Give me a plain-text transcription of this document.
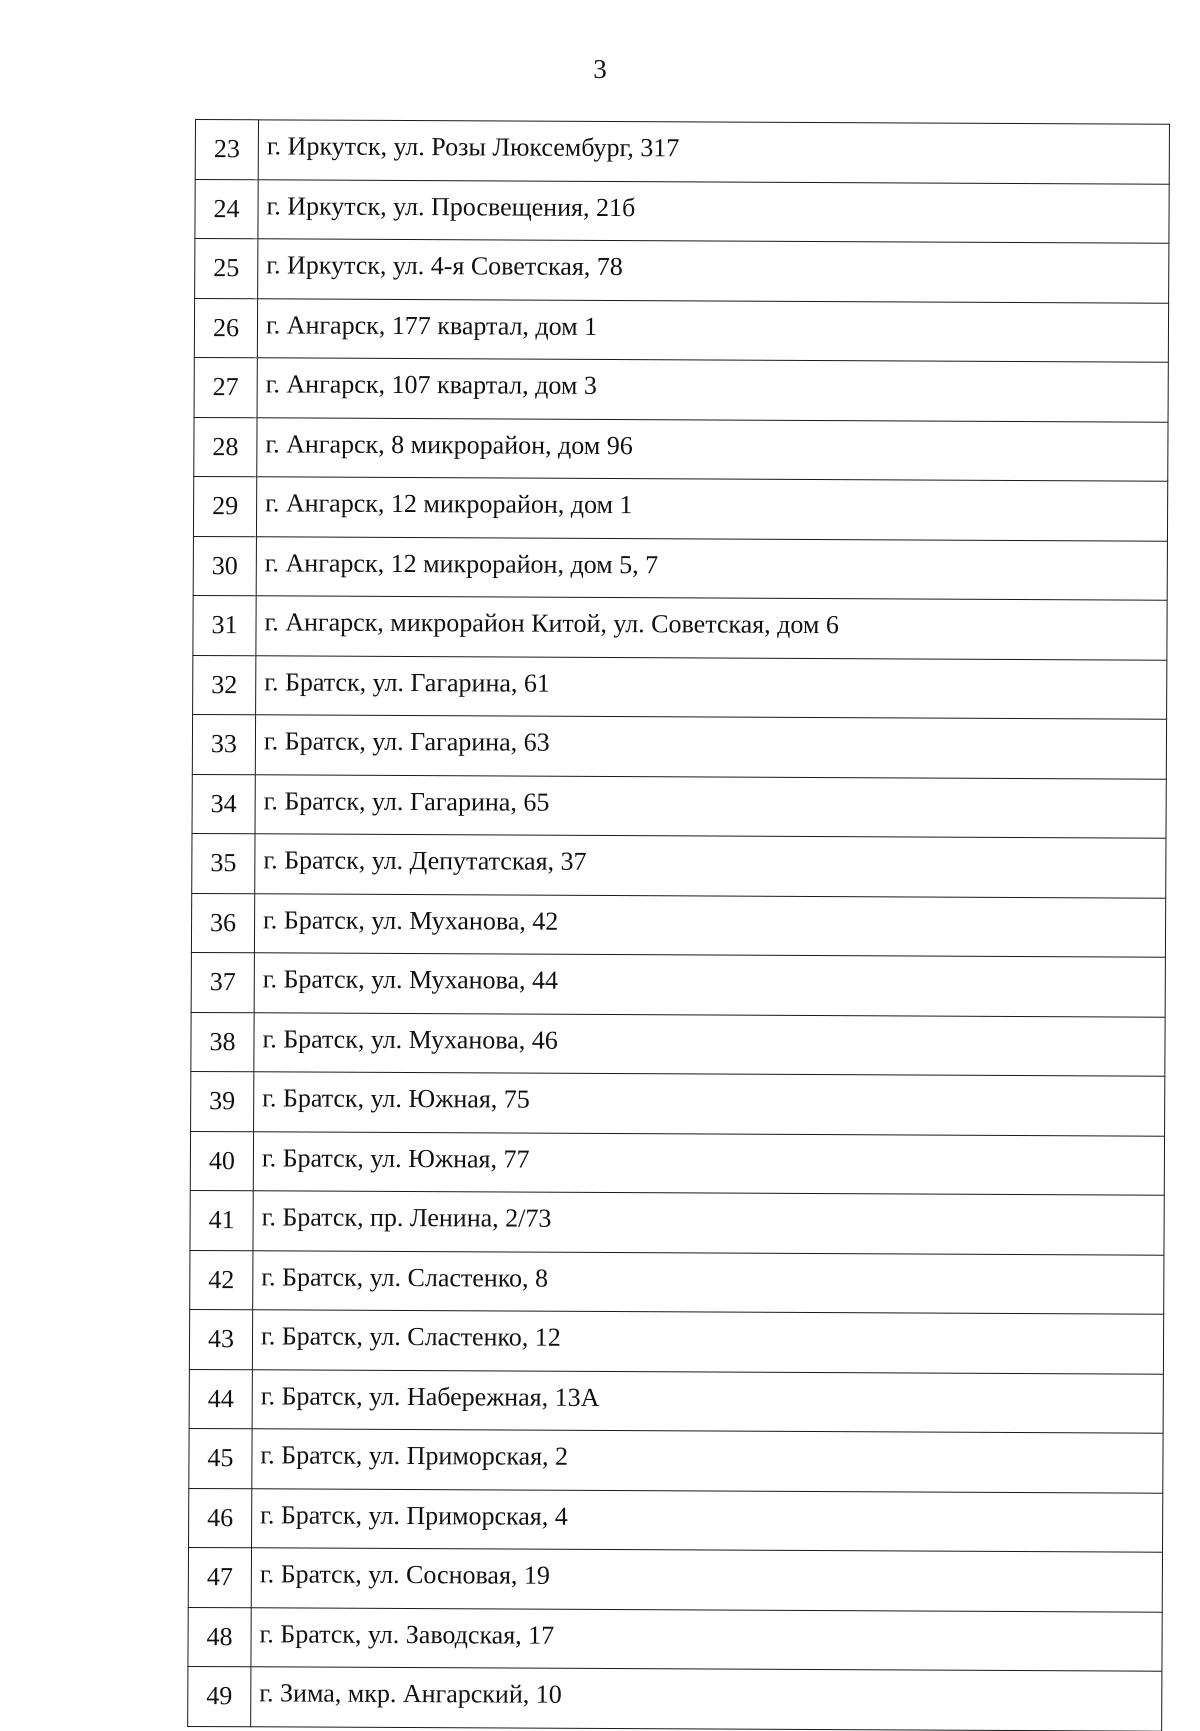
3
23	г. Иркутск, ул. Розы Люксембург, 317
24	г. Иркутск, ул. Просвещения, 21б
25	г. Иркутск, ул. 4-я Советская, 78
26	г. Ангарск, 177 квартал, дом 1
27	г. Ангарск, 107 квартал, дом 3
28	г. Ангарск, 8 микрорайон, дом 96
29	г. Ангарск, 12 микрорайон, дом 1
30	г. Ангарск, 12 микрорайон, дом 5, 7
31	г. Ангарск, микрорайон Китой, ул. Советская, дом 6
32	г. Братск, ул. Гагарина, 61
33	г. Братск, ул. Гагарина, 63
34	г. Братск, ул. Гагарина, 65
35	г. Братск, ул. Депутатская, 37
36	г. Братск, ул. Муханова, 42
37	г. Братск, ул. Муханова, 44
38	г. Братск, ул. Муханова, 46
39	г. Братск, ул. Южная, 75
40	г. Братск, ул. Южная, 77
41	г. Братск, пр. Ленина, 2/73
42	г. Братск, ул. Сластенко, 8
43	г. Братск, ул. Сластенко, 12
44	г. Братск, ул. Набережная, 13А
45	г. Братск, ул. Приморская, 2
46	г. Братск, ул. Приморская, 4
47	г. Братск, ул. Сосновая, 19
48	г. Братск, ул. Заводская, 17
49	г. Зима, мкр. Ангарский, 10
